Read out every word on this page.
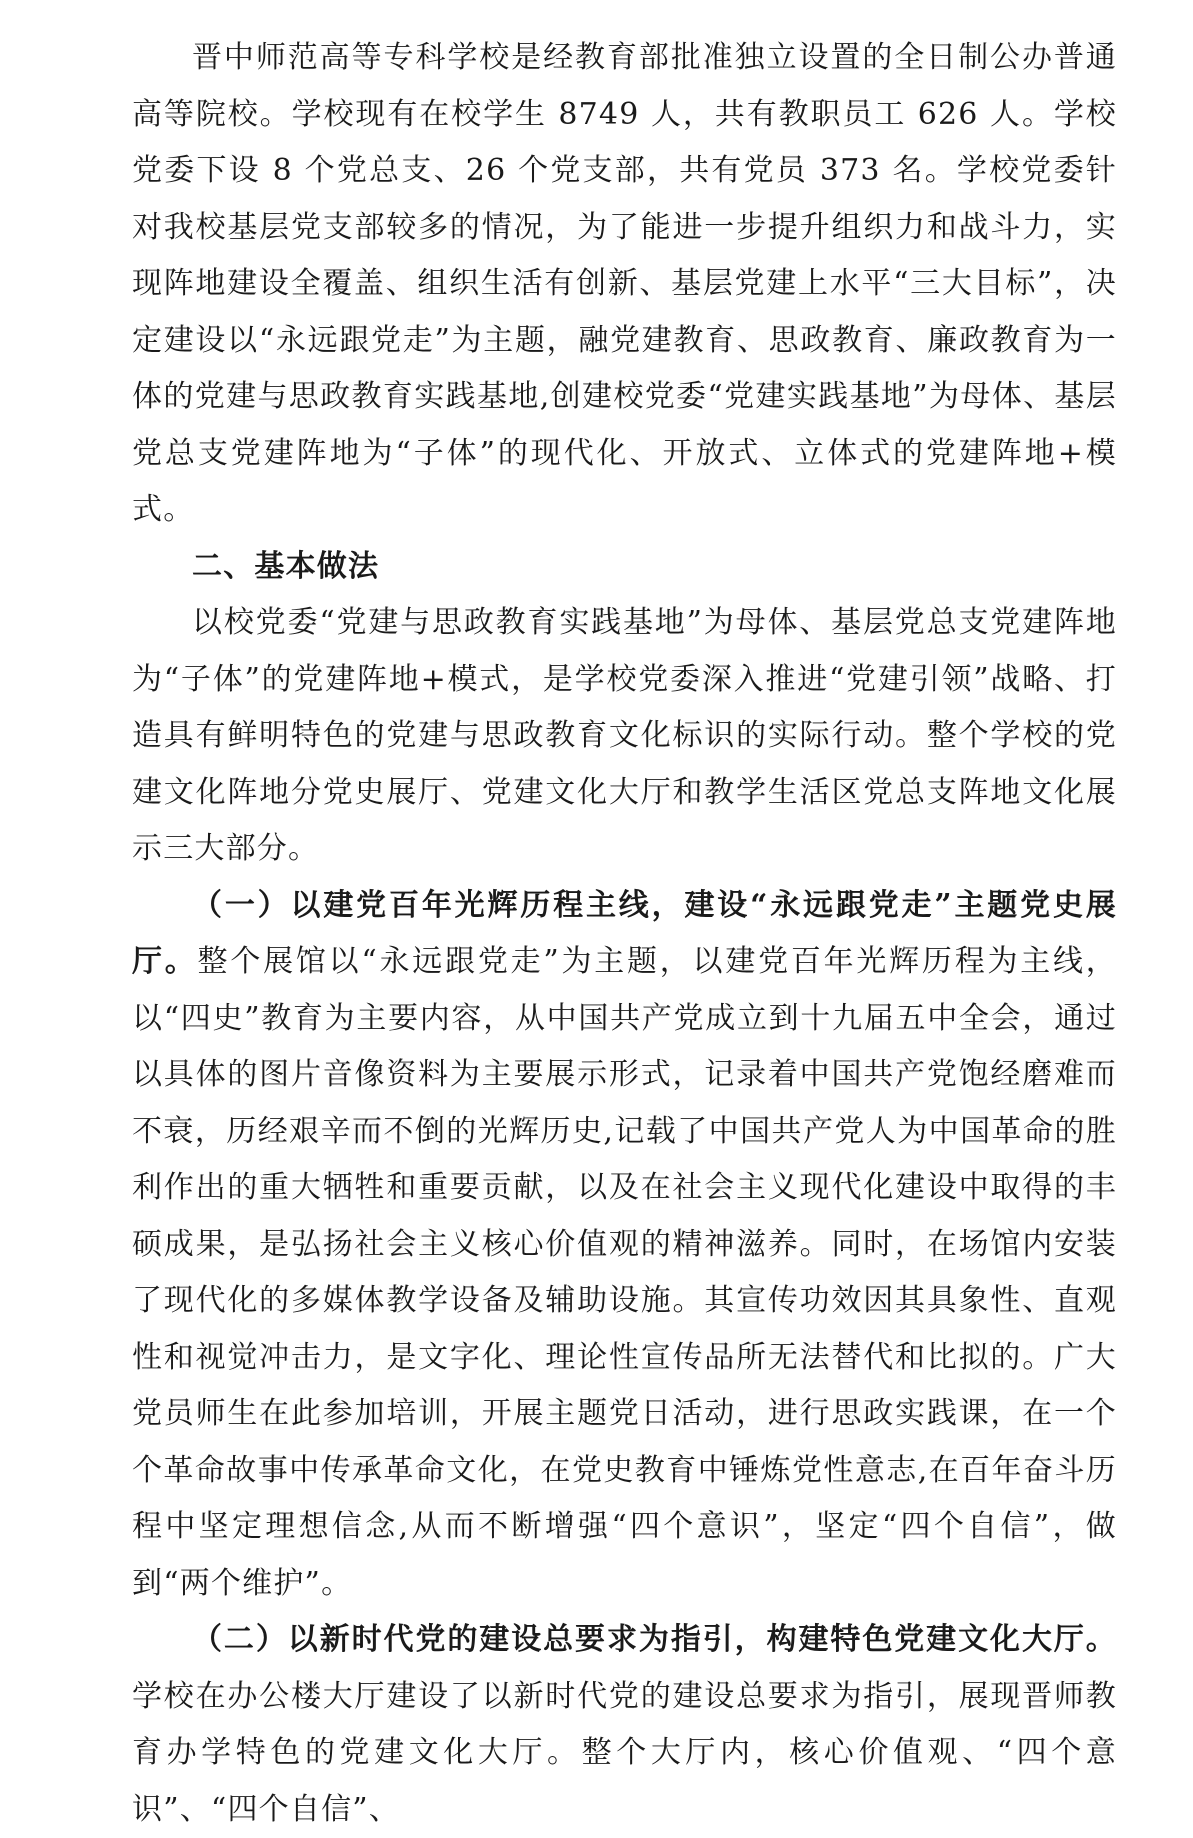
晋中师范高等专科学校是经教育部批准独立设置的全日制公办普通高等院校。学校现有在校学生 8749 人，共有教职员工 626 人。学校党委下设 8 个党总支、26 个党支部，共有党员 373 名。学校党委针对我校基层党支部较多的情况，为了能进一步提升组织力和战斗力，实现阵地建设全覆盖、组织生活有创新、基层党建上水平“三大目标”，决定建设以“永远跟党走”为主题，融党建教育、思政教育、廉政教育为一体的党建与思政教育实践基地,创建校党委“党建实践基地”为母体、基层党总支党建阵地为“子体”的现代化、开放式、立体式的党建阵地+模式。

二、基本做法

以校党委“党建与思政教育实践基地”为母体、基层党总支党建阵地为“子体”的党建阵地+模式，是学校党委深入推进“党建引领”战略、打造具有鲜明特色的党建与思政教育文化标识的实际行动。整个学校的党建文化阵地分党史展厅、党建文化大厅和教学生活区党总支阵地文化展示三大部分。

（一）以建党百年光辉历程主线，建设“永远跟党走”主题党史展厅。整个展馆以“永远跟党走”为主题，以建党百年光辉历程为主线，以“四史”教育为主要内容，从中国共产党成立到十九届五中全会，通过以具体的图片音像资料为主要展示形式，记录着中国共产党饱经磨难而不衰，历经艰辛而不倒的光辉历史,记载了中国共产党人为中国革命的胜利作出的重大牺牲和重要贡献，以及在社会主义现代化建设中取得的丰硕成果，是弘扬社会主义核心价值观的精神滋养。同时，在场馆内安装了现代化的多媒体教学设备及辅助设施。其宣传功效因其具象性、直观性和视觉冲击力，是文字化、理论性宣传品所无法替代和比拟的。广大党员师生在此参加培训，开展主题党日活动，进行思政实践课，在一个个革命故事中传承革命文化，在党史教育中锤炼党性意志,在百年奋斗历程中坚定理想信念,从而不断增强“四个意识”，坚定“四个自信”，做到“两个维护”。

（二）以新时代党的建设总要求为指引，构建特色党建文化大厅。学校在办公楼大厅建设了以新时代党的建设总要求为指引，展现晋师教育办学特色的党建文化大厅。整个大厅内，核心价值观、“四个意识”、“四个自信”、
